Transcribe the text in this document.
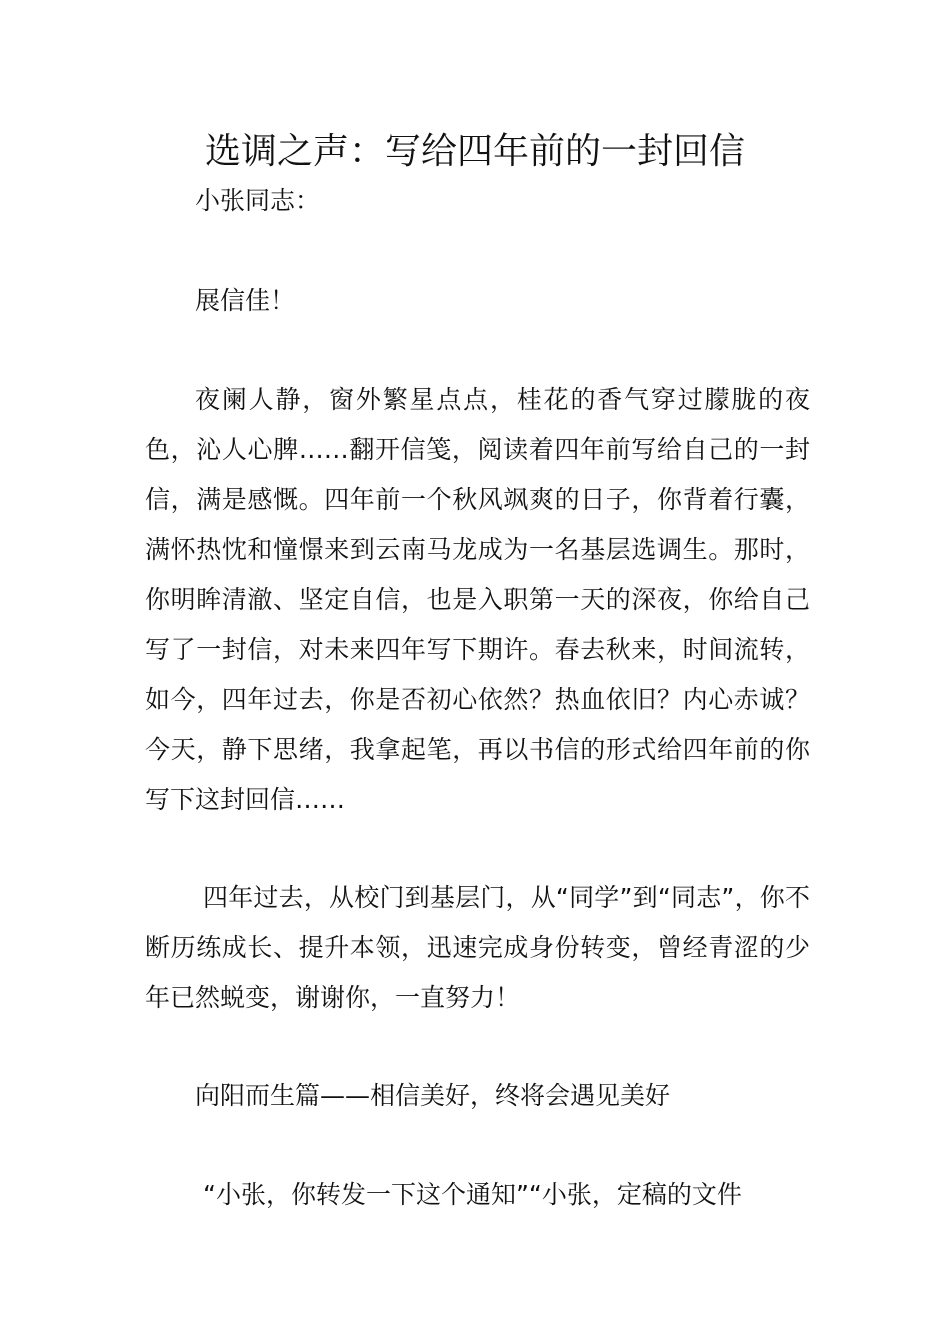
选调之声：写给四年前的一封回信
小张同志：
展信佳！

夜阑人静，窗外繁星点点，桂花的香气穿过朦胧的夜色，沁人心脾……翻开信笺，阅读着四年前写给自己的一封信，满是感慨。四年前一个秋风飒爽的日子，你背着行囊，满怀热忱和憧憬来到云南马龙成为一名基层选调生。那时，你明眸清澈、坚定自信，也是入职第一天的深夜，你给自己写了一封信，对未来四年写下期许。春去秋来，时间流转，如今，四年过去，你是否初心依然？热血依旧？内心赤诚？今天，静下思绪，我拿起笔，再以书信的形式给四年前的你写下这封回信……

四年过去，从校门到基层门，从“同学”到“同志”，你不断历练成长、提升本领，迅速完成身份转变，曾经青涩的少年已然蜕变，谢谢你，一直努力！

向阳而生篇——相信美好，终将会遇见美好

“小张，你转发一下这个通知”“小张，定稿的文件
